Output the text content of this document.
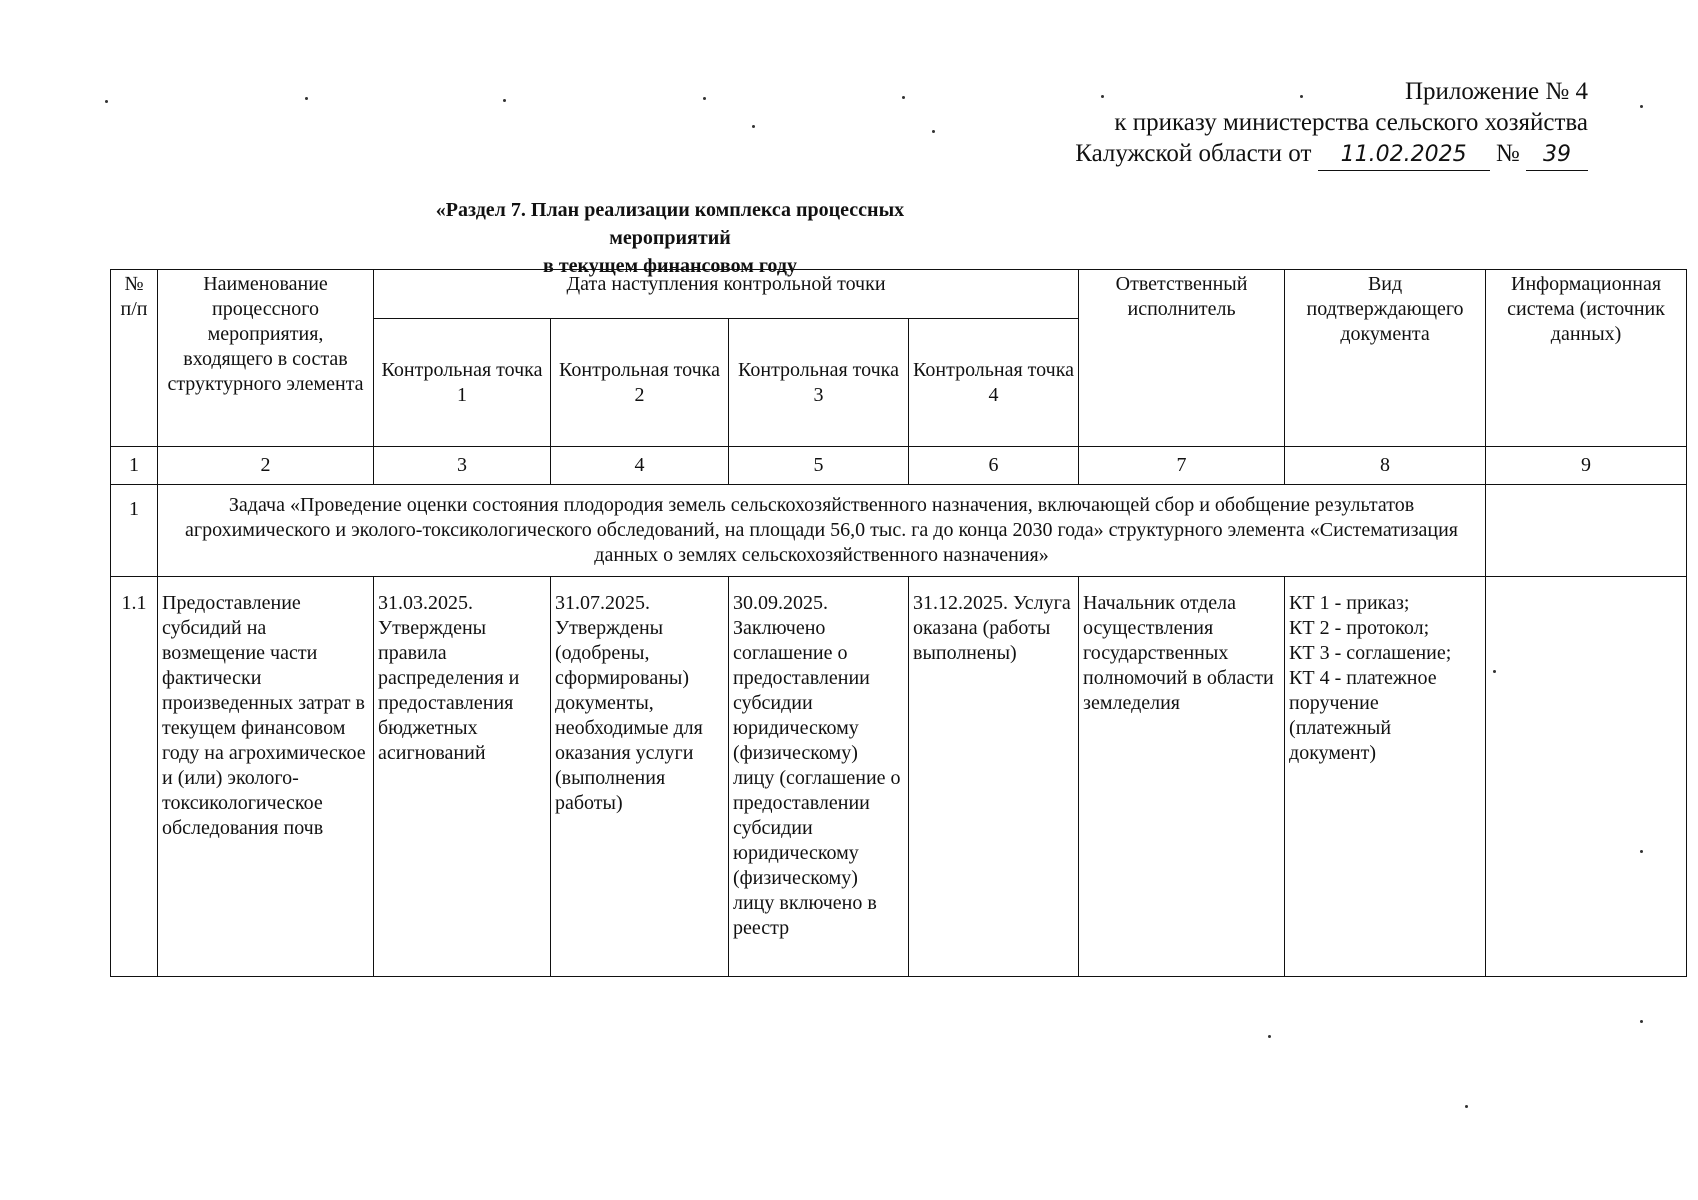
Приложение № 4
к приказу министерства сельского хозяйства
Калужской области от 11.02.2025 № 39
«Раздел 7. План реализации комплекса процессных мероприятий
в текущем финансовом году
№ п/п	Наименование процессного мероприятия, входящего в состав структурного элемента	Дата наступления контрольной точки				Ответственный исполнитель	Вид подтверждающего документа	Информационная система (источник данных)
		Контрольная точка 1	Контрольная точка 2	Контрольная точка 3	Контрольная точка 4			
1	2	3	4	5	6	7	8	9
1	Задача «Проведение оценки состояния плодородия земель сельскохозяйственного назначения, включающей сбор и обобщение результатов агрохимического и эколого-токсикологического обследований, на площади 56,0 тыс. га до конца 2030 года» структурного элемента «Систематизация данных о землях сельскохозяйственного назначения»							
1.1	Предоставление субсидий на возмещение части фактически произведенных затрат в текущем финансовом году на агрохимическое и (или) эколого-токсикологическое обследования почв	31.03.2025. Утверждены правила распределения и предоставления бюджетных асигнований	31.07.2025. Утверждены (одобрены, сформированы) документы, необходимые для оказания услуги (выполнения работы)	30.09.2025. Заключено соглашение о предоставлении субсидии юридическому (физическому) лицу (соглашение о предоставлении субсидии юридическому (физическому) лицу включено в реестр	31.12.2025. Услуга оказана (работы выполнены)	Начальник отдела осуществления государственных полномочий в области земледелия	КТ 1 - приказ;
КТ 2 - протокол;
КТ 3 - соглашение;
КТ 4 - платежное поручение (платежный документ)	
